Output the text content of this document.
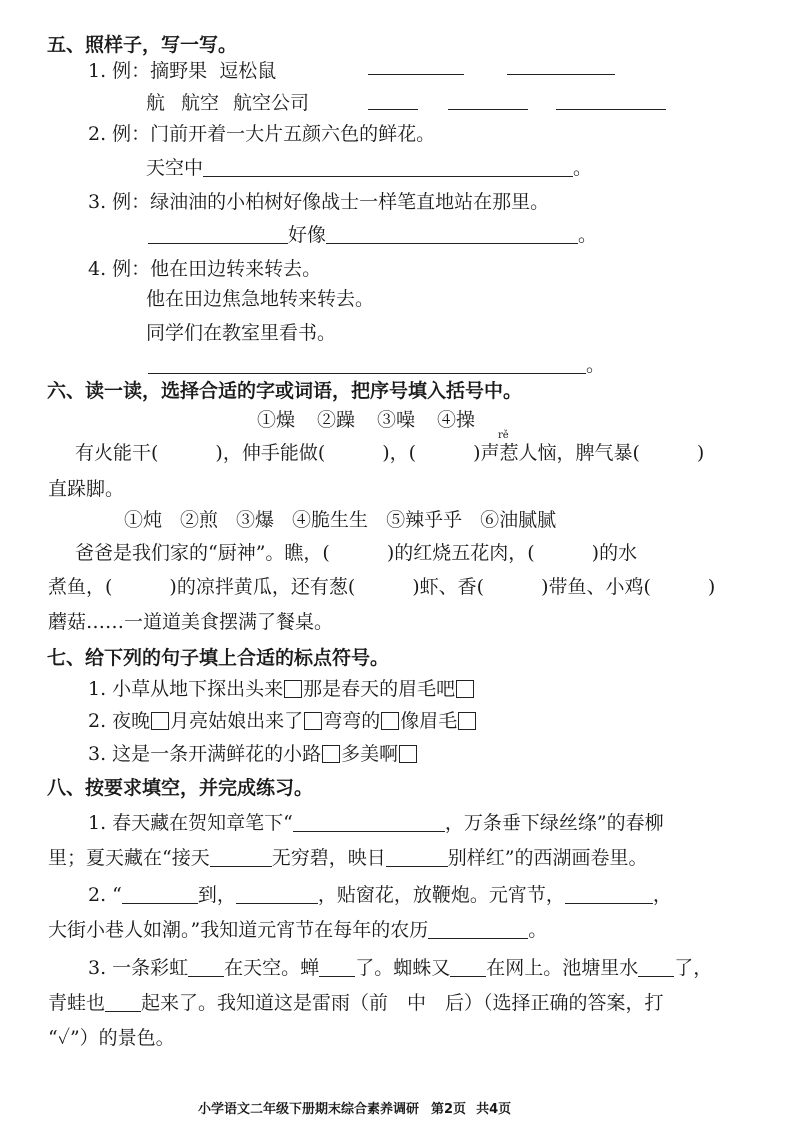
五、照样子，写一写。
1. 例：摘野果 逗松鼠
航 航空 航空公司
2. 例：门前开着一大片五颜六色的鲜花。
天空中	。
3. 例：绿油油的小柏树好像战士一样笔直地站在那里。
好像	。
4. 例：他在田边转来转去。
他在田边焦急地转来转去。
同学们在教室里看书。
。
六、读一读，选择合适的字或词语，把序号填入括号中。
①燥 ②躁 ③噪 ④操
rě
有火能干(　　　)，伸手能做(　　　)，(　　　)声惹人恼，脾气暴(　　　)
直跺脚。
①炖 ②煎 ③爆 ④脆生生 ⑤辣乎乎 ⑥油腻腻
爸爸是我们家的“厨神”。瞧，(　　　)的红烧五花肉，(　　　)的水
煮鱼，(　　　)的凉拌黄瓜，还有葱(　　　)虾、香(　　　)带鱼、小鸡(　　　)
蘑菇……一道道美食摆满了餐桌。
七、给下列的句子填上合适的标点符号。
1. 小草从地下探出头来 那是春天的眉毛吧
2. 夜晚 月亮姑娘出来了 弯弯的 像眉毛
3. 这是一条开满鲜花的小路 多美啊
八、按要求填空，并完成练习。
1. 春天藏在贺知章笔下“	，万条垂下绿丝绦”的春柳
里；夏天藏在“接天	无穷碧，映日	别样红”的西湖画卷里。
2. “	到，	，贴窗花，放鞭炮。元宵节，	，
大街小巷人如潮。”我知道元宵节在每年的农历	。
3. 一条彩虹 在天空。蝉 了。蜘蛛又 在网上。池塘里水 了，
青蛙也 起来了。我知道这是雷雨（前　中　后）（选择正确的答案，打
“✓”）的景色。
小学语文二年级下册期末综合素养调研 第2页 共4页
